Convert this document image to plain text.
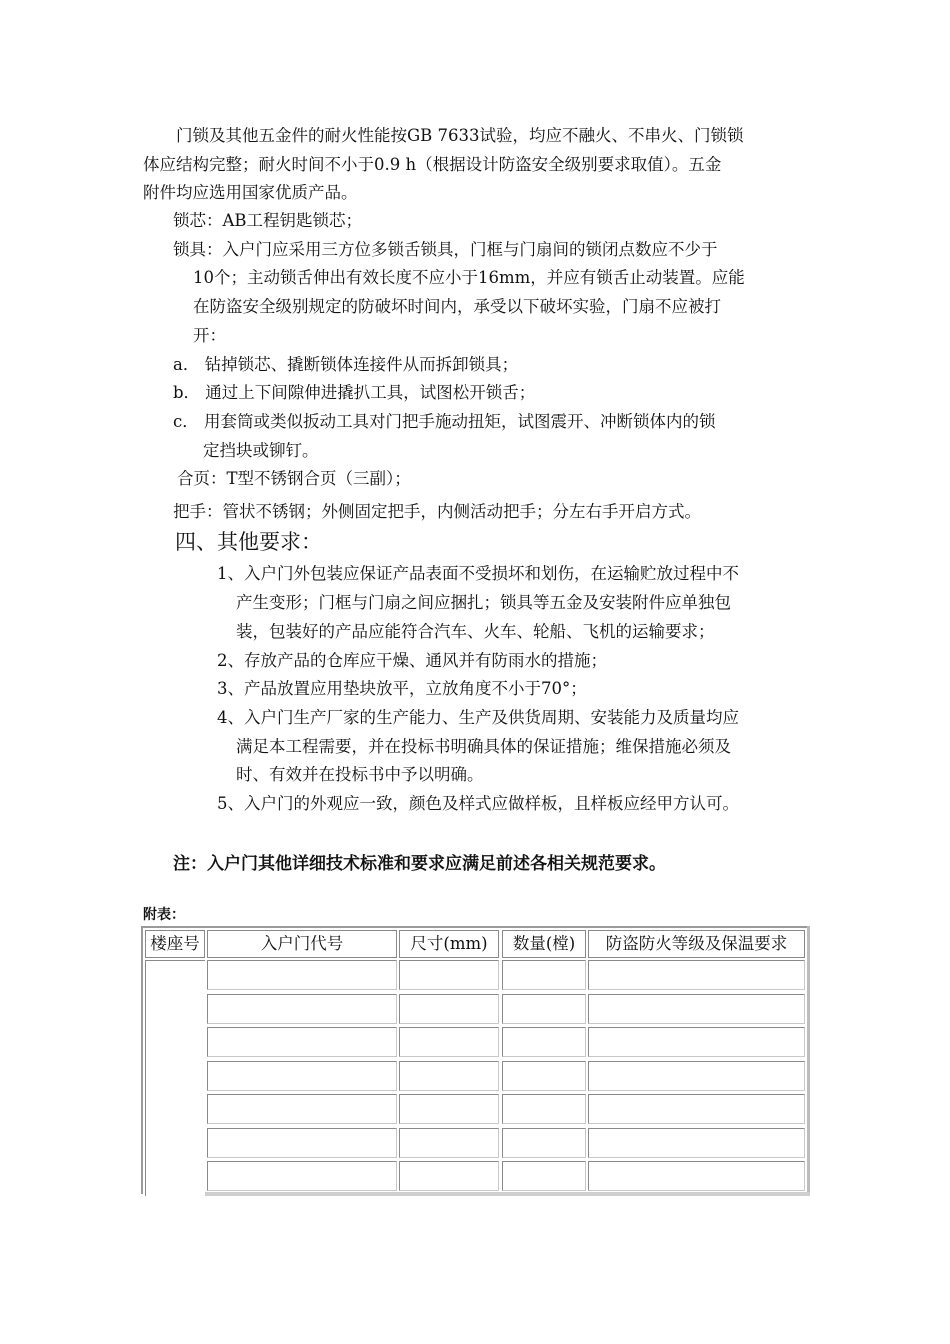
门锁及其他五金件的耐火性能按GB 7633试验，均应不融火、不串火、门锁锁
体应结构完整；耐火时间不小于0.9 h（根据设计防盗安全级别要求取值）。五金
附件均应选用国家优质产品。
锁芯：AB工程钥匙锁芯；
锁具：入户门应采用三方位多锁舌锁具，门框与门扇间的锁闭点数应不少于
10个；主动锁舌伸出有效长度不应小于16mm，并应有锁舌止动装置。应能
在防盗安全级别规定的防破坏时间内，承受以下破坏实验，门扇不应被打
开：
a． 钻掉锁芯、撬断锁体连接件从而拆卸锁具；
b． 通过上下间隙伸进撬扒工具，试图松开锁舌；
c． 用套筒或类似扳动工具对门把手施动扭矩，试图震开、冲断锁体内的锁
定挡块或铆钉。
合页：T型不锈钢合页（三副）；
把手：管状不锈钢；外侧固定把手，内侧活动把手；分左右手开启方式。
四、其他要求：
1、入户门外包装应保证产品表面不受损坏和划伤，在运输贮放过程中不
产生变形；门框与门扇之间应捆扎；锁具等五金及安装附件应单独包
装，包装好的产品应能符合汽车、火车、轮船、飞机的运输要求；
2、存放产品的仓库应干燥、通风并有防雨水的措施；
3、产品放置应用垫块放平，立放角度不小于70°；
4、入户门生产厂家的生产能力、生产及供货周期、安装能力及质量均应
满足本工程需要，并在投标书明确具体的保证措施；维保措施必须及
时、有效并在投标书中予以明确。
5、入户门的外观应一致，颜色及样式应做样板，且样板应经甲方认可。
注：入户门其他详细技术标准和要求应满足前述各相关规范要求。
附表：
楼座号	入户门代号	尺寸(mm)	数量(樘)	防盗防火等级及保温要求
